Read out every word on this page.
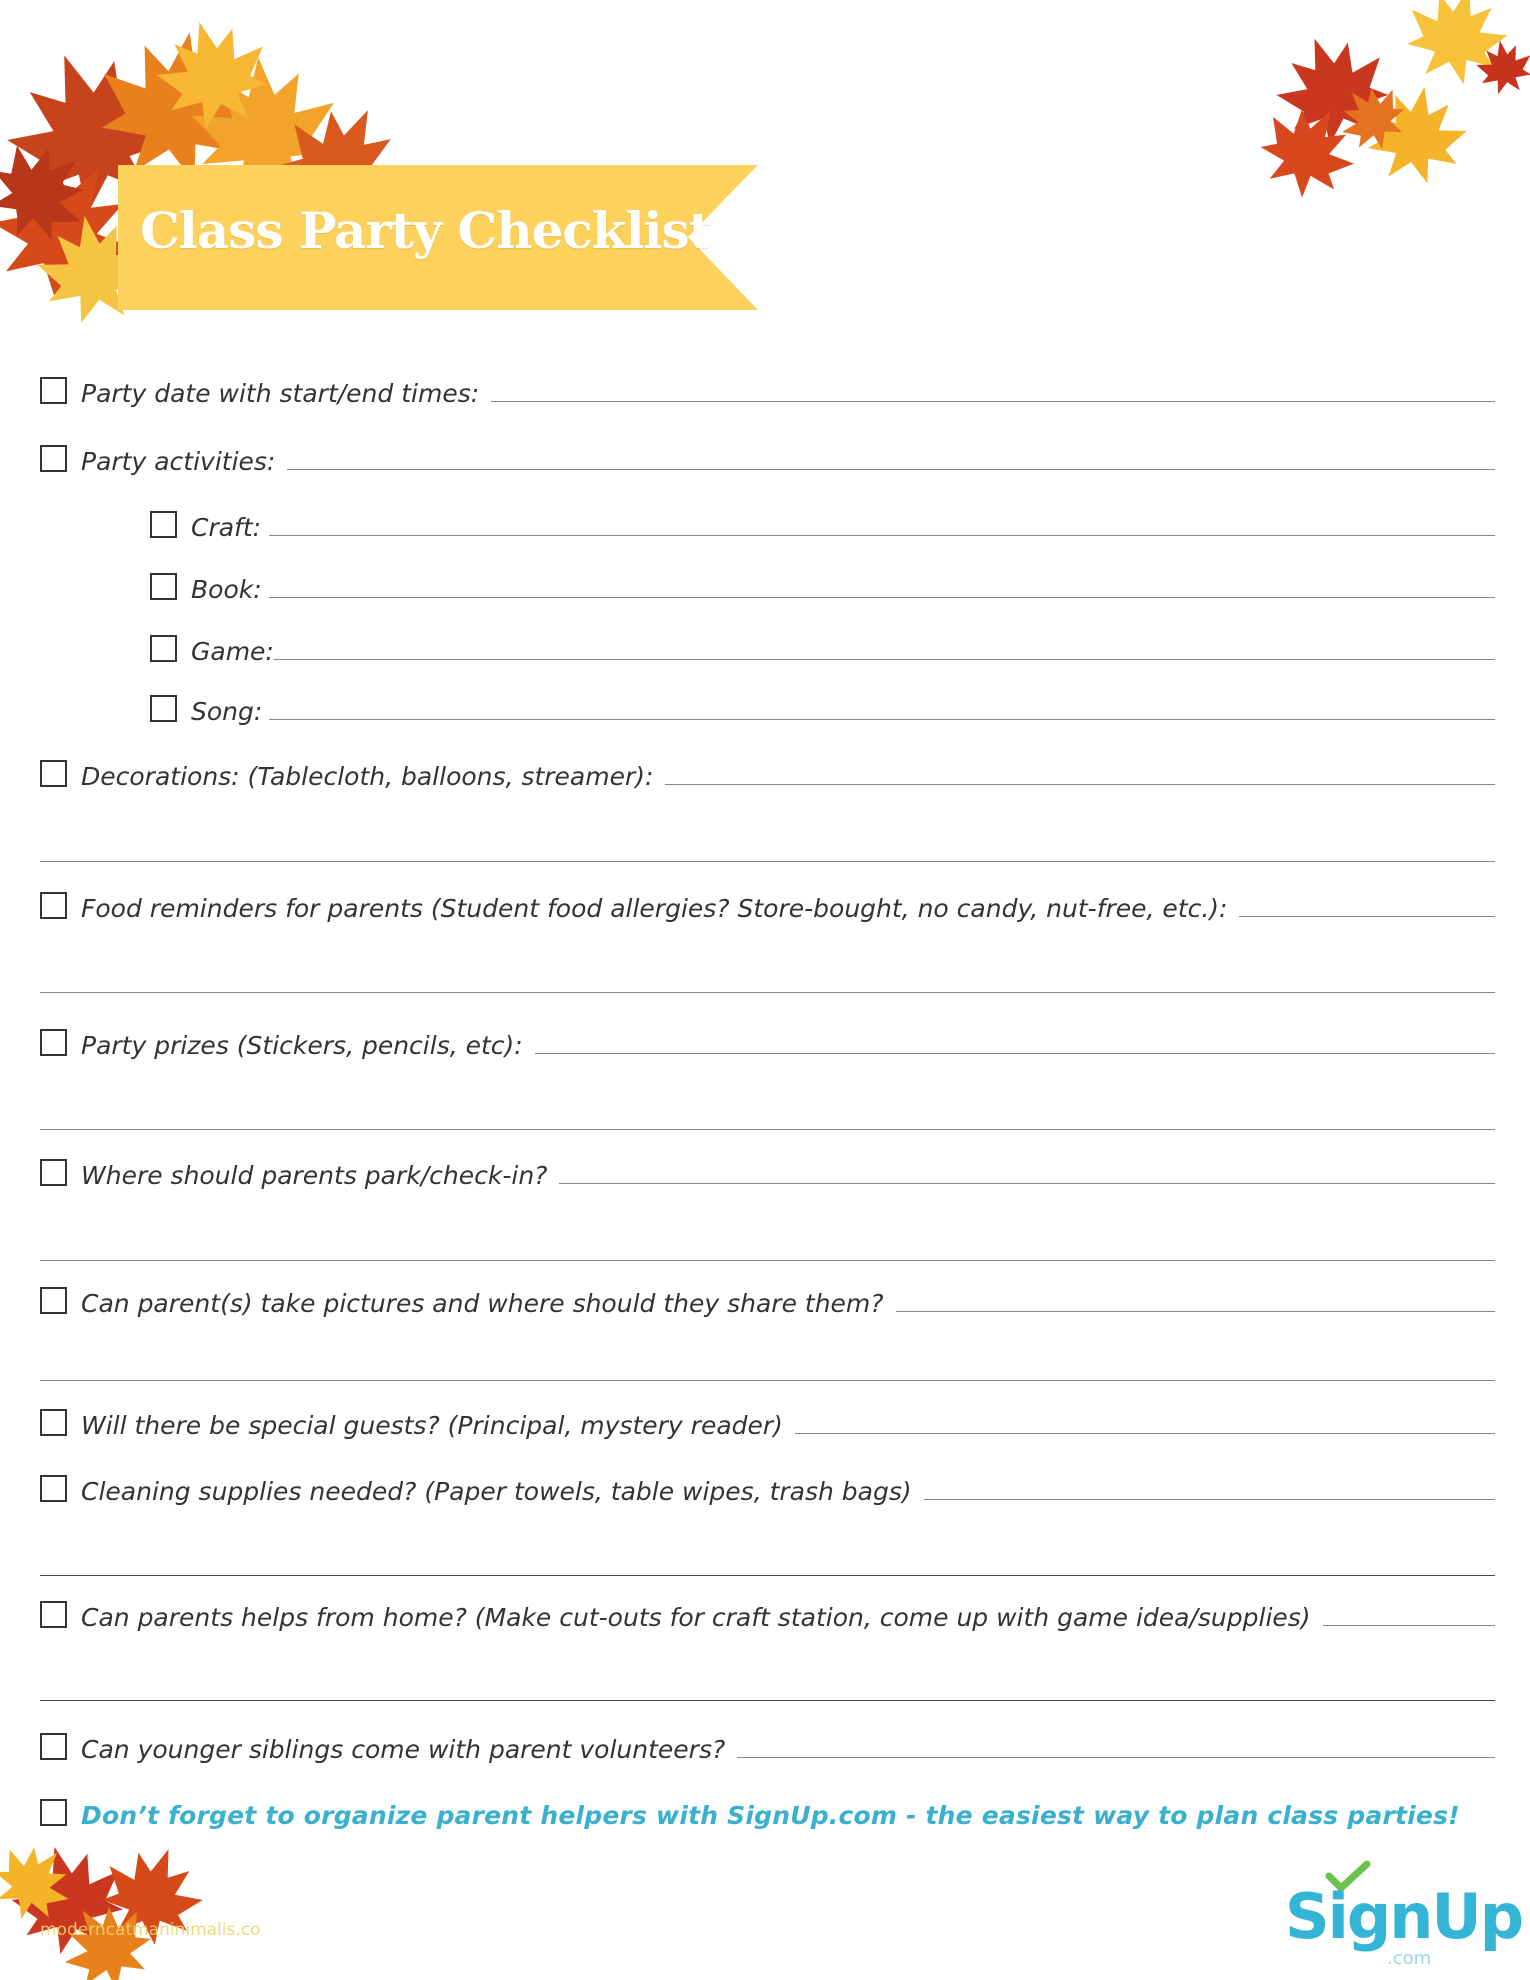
Class Party Checklist
Party date with start/end times:
Party activities:
Craft:
Book:
Game:
Song:
Decorations: (Tablecloth, balloons, streamer):
Food reminders for parents (Student food allergies? Store-bought, no candy, nut-free, etc.):
Party prizes (Stickers, pencils, etc):
Where should parents park/check-in?
Can parent(s) take pictures and where should they share them?
Will there be special guests? (Principal, mystery reader)
Cleaning supplies needed? (Paper towels, table wipes, trash bags)
Can parents helps from home? (Make cut-outs for craft station, come up with game idea/supplies)
Can younger siblings come with parent volunteers?
Don’t forget to organize parent helpers with SignUp.com - the easiest way to plan class parties!
moderncatmaninimalis.co	SignUp
.com
